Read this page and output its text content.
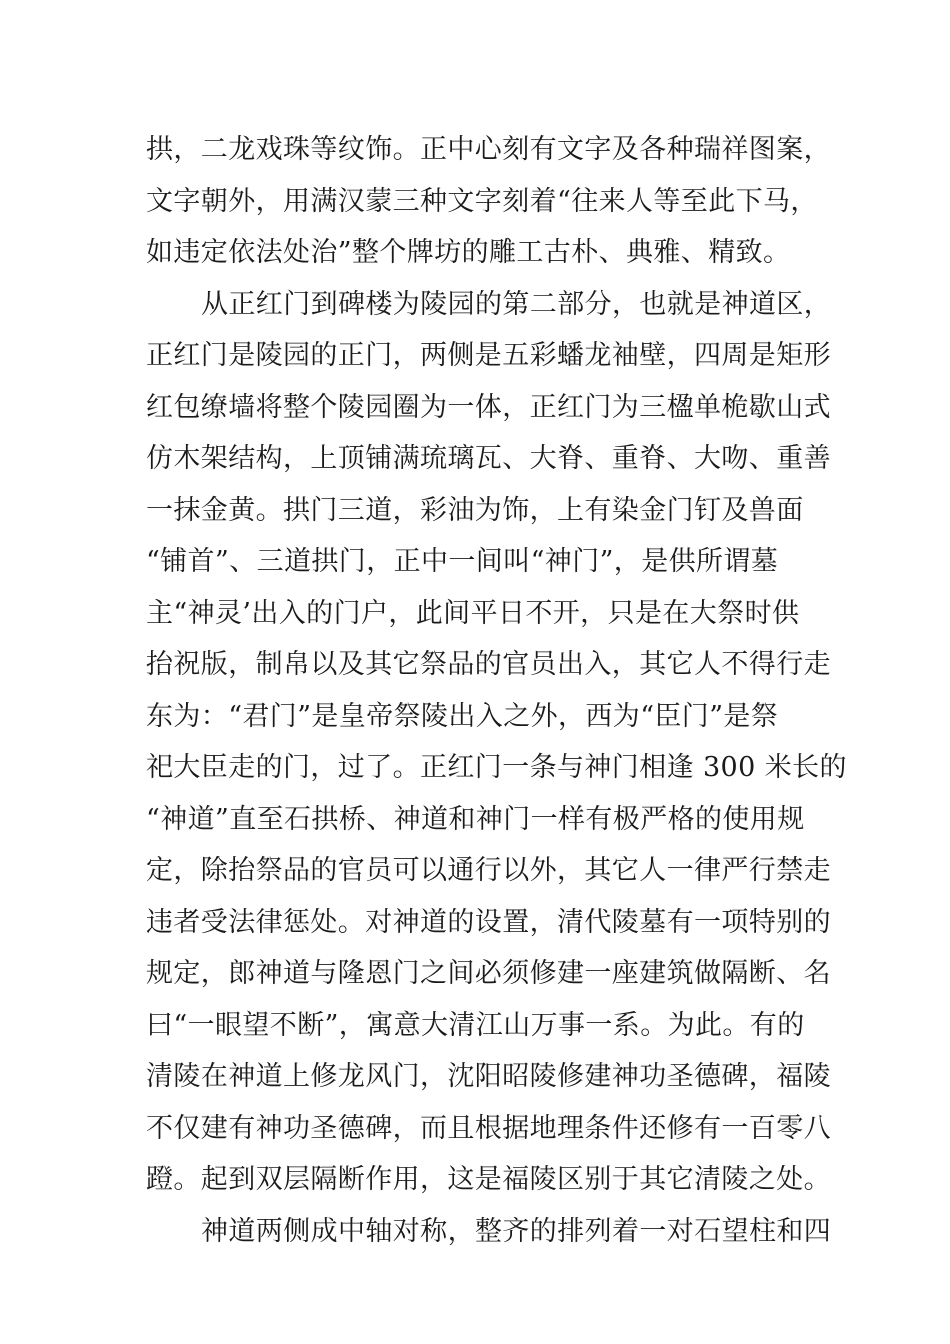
拱，二龙戏珠等纹饰。正中心刻有文字及各种瑞祥图案，
文字朝外，用满汉蒙三种文字刻着“往来人等至此下马，
如违定依法处治”整个牌坊的雕工古朴、典雅、精致。
从正红门到碑楼为陵园的第二部分，也就是神道区，
正红门是陵园的正门，两侧是五彩蟠龙袖壁，四周是矩形
红包缭墙将整个陵园圈为一体，正红门为三楹单桅歇山式
仿木架结构，上顶铺满琉璃瓦、大脊、重脊、大吻、重善
一抹金黄。拱门三道，彩油为饰，上有染金门钉及兽面
“铺首”、三道拱门，正中一间叫“神门”，是供所谓墓
主“神灵’出入的门户，此间平日不开，只是在大祭时供
抬祝版，制帛以及其它祭品的官员出入，其它人不得行走
东为：“君门”是皇帝祭陵出入之外，西为“臣门”是祭
祀大臣走的门，过了。正红门一条与神门相逢 300 米长的
“神道”直至石拱桥、神道和神门一样有极严格的使用规
定，除抬祭品的官员可以通行以外，其它人一律严行禁走
违者受法律惩处。对神道的设置，清代陵墓有一项特别的
规定，郎神道与隆恩门之间必须修建一座建筑做隔断、名
曰“一眼望不断”，寓意大清江山万事一系。为此。有的
清陵在神道上修龙风门，沈阳昭陵修建神功圣德碑，福陵
不仅建有神功圣德碑，而且根据地理条件还修有一百零八
蹬。起到双层隔断作用，这是福陵区别于其它清陵之处。
神道两侧成中轴对称，整齐的排列着一对石望柱和四
